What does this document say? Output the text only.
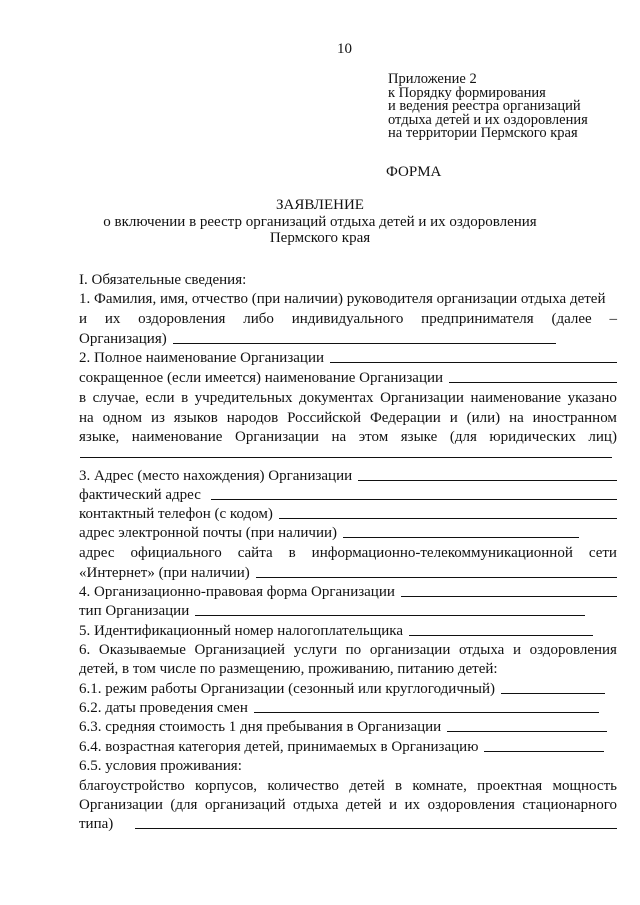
10
Приложение 2
к Порядку формирования
и ведения реестра организаций
отдыха детей и их оздоровления
на территории Пермского края
ФОРМА
ЗАЯВЛЕНИЕ
о включении в реестр организаций отдыха детей и их оздоровления
Пермского края
I. Обязательные сведения:
1. Фамилия, имя, отчество (при наличии) руководителя организации отдыха детей
и их оздоровления либо индивидуального предпринимателя (далее –
Организация)
2. Полное наименование Организации
сокращенное (если имеется) наименование Организации
в случае, если в учредительных документах Организации наименование указано
на одном из языков народов Российской Федерации и (или) на иностранном
языке, наименование Организации на этом языке (для юридических лиц)
3. Адрес (место нахождения) Организации
фактический адрес
контактный телефон (с кодом)
адрес электронной почты (при наличии)
адрес официального сайта в информационно-телекоммуникационной сети
«Интернет» (при наличии)
4. Организационно-правовая форма Организации
тип Организации
5. Идентификационный номер налогоплательщика
6. Оказываемые Организацией услуги по организации отдыха и оздоровления
детей, в том числе по размещению, проживанию, питанию детей:
6.1. режим работы Организации (сезонный или круглогодичный)
6.2. даты проведения смен
6.3. средняя стоимость 1 дня пребывания в Организации
6.4. возрастная категория детей, принимаемых в Организацию
6.5. условия проживания:
благоустройство корпусов, количество детей в комнате, проектная мощность
Организации (для организаций отдыха детей и их оздоровления стационарного
типа)
